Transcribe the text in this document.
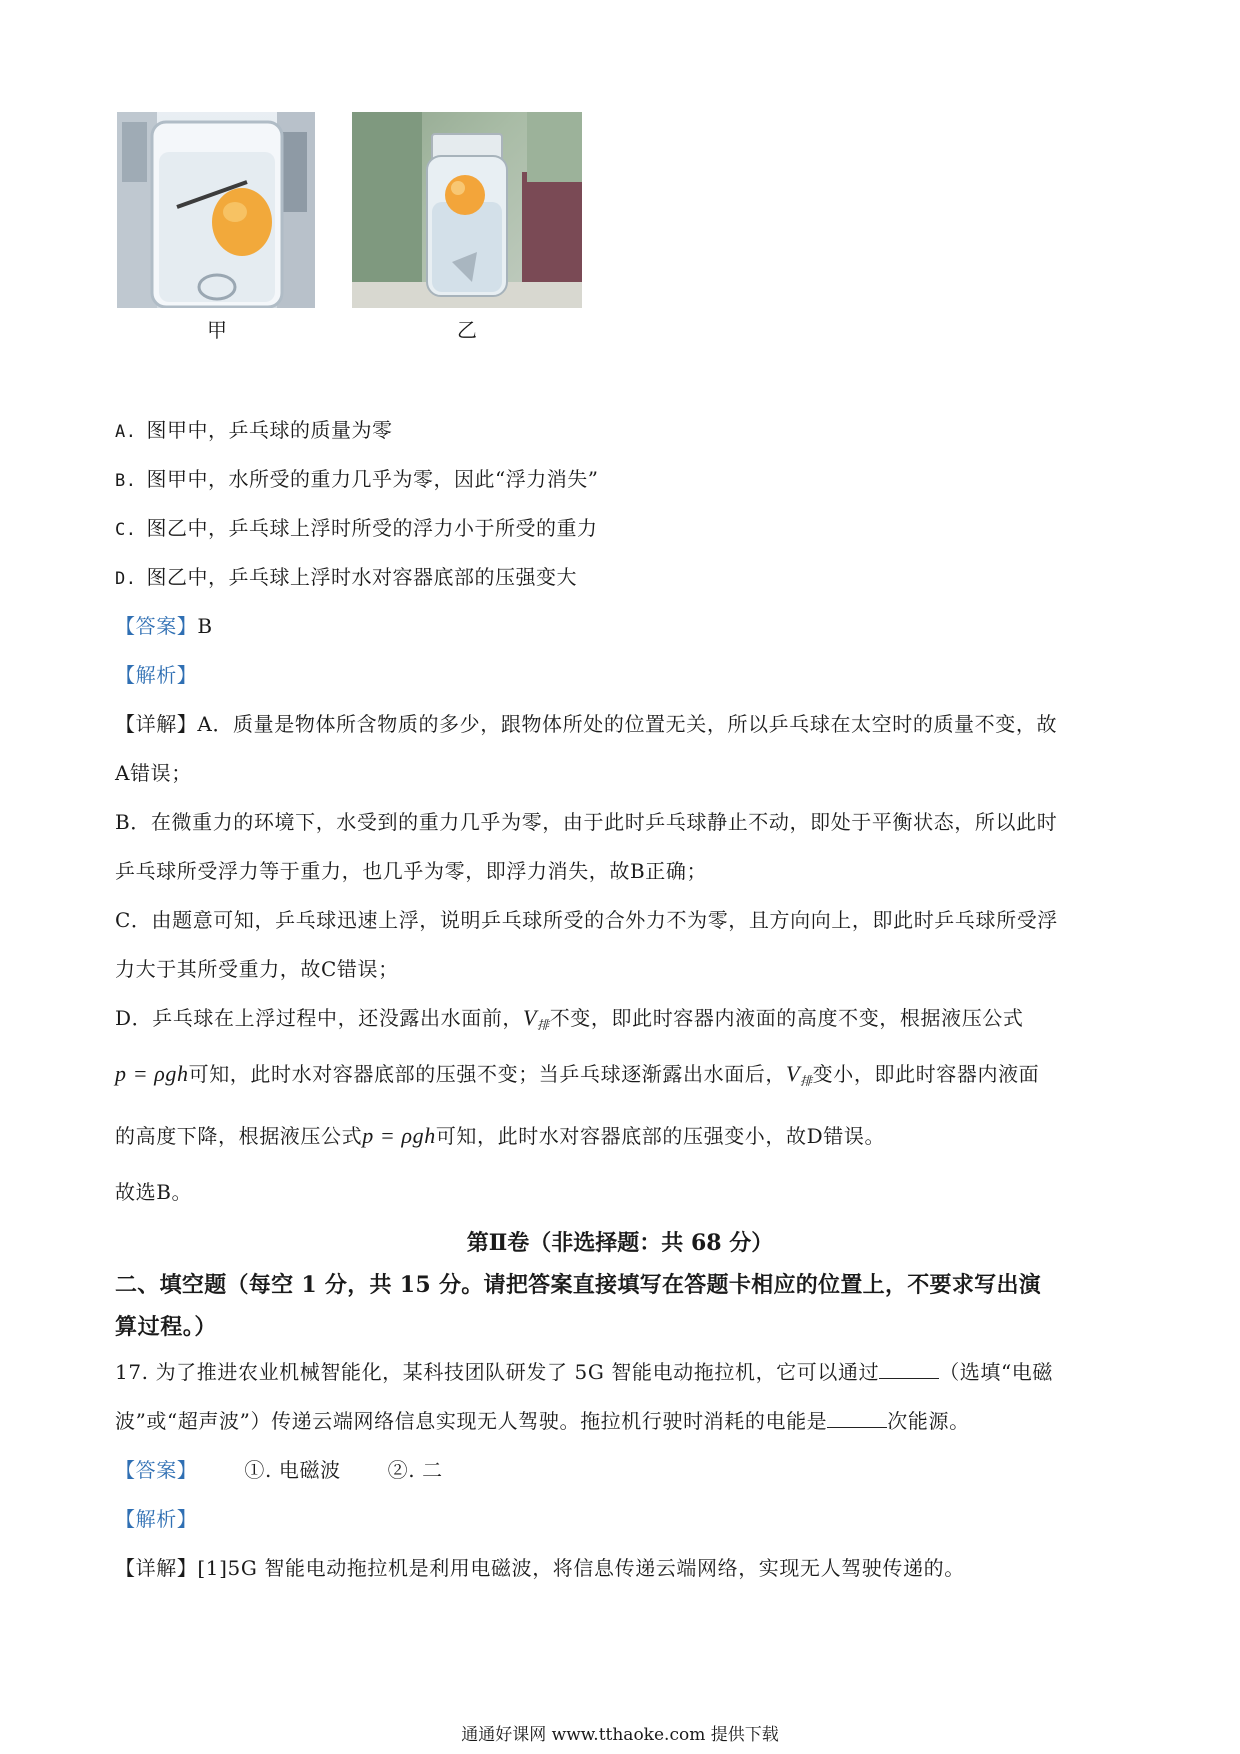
甲	乙
A. 图甲中，乒乓球的质量为零
B. 图甲中，水所受的重力几乎为零，因此“浮力消失”
C. 图乙中，乒乓球上浮时所受的浮力小于所受的重力
D. 图乙中，乒乓球上浮时水对容器底部的压强变大
【答案】B
【解析】
【详解】A．质量是物体所含物质的多少，跟物体所处的位置无关，所以乒乓球在太空时的质量不变，故
A错误；
B．在微重力的环境下，水受到的重力几乎为零，由于此时乒乓球静止不动，即处于平衡状态，所以此时
乒乓球所受浮力等于重力，也几乎为零，即浮力消失，故B正确；
C．由题意可知，乒乓球迅速上浮，说明乒乓球所受的合外力不为零，且方向向上，即此时乒乓球所受浮
力大于其所受重力，故C错误；
D．乒乓球在上浮过程中，还没露出水面前，$V_排$不变，即此时容器内液面的高度不变，根据液压公式
p = ρgh可知，此时水对容器底部的压强不变；当乒乓球逐渐露出水面后，$V_排$变小，即此时容器内液面
的高度下降，根据液压公式p = ρgh可知，此时水对容器底部的压强变小，故D错误。
故选B。
第Ⅱ卷（非选择题：共 68 分）
二、填空题（每空 1 分，共 15 分。请把答案直接填写在答题卡相应的位置上，不要求写出演
算过程。）
17. 为了推进农业机械智能化，某科技团队研发了 5G 智能电动拖拉机，它可以通过	（选填“电磁
波”或“超声波”）传递云端网络信息实现无人驾驶。拖拉机行驶时消耗的电能是	次能源。
【答案】 ①. 电磁波 ②. 二
【解析】
【详解】[1]5G 智能电动拖拉机是利用电磁波，将信息传递云端网络，实现无人驾驶传递的。
通通好课网 www.tthaoke.com 提供下载
